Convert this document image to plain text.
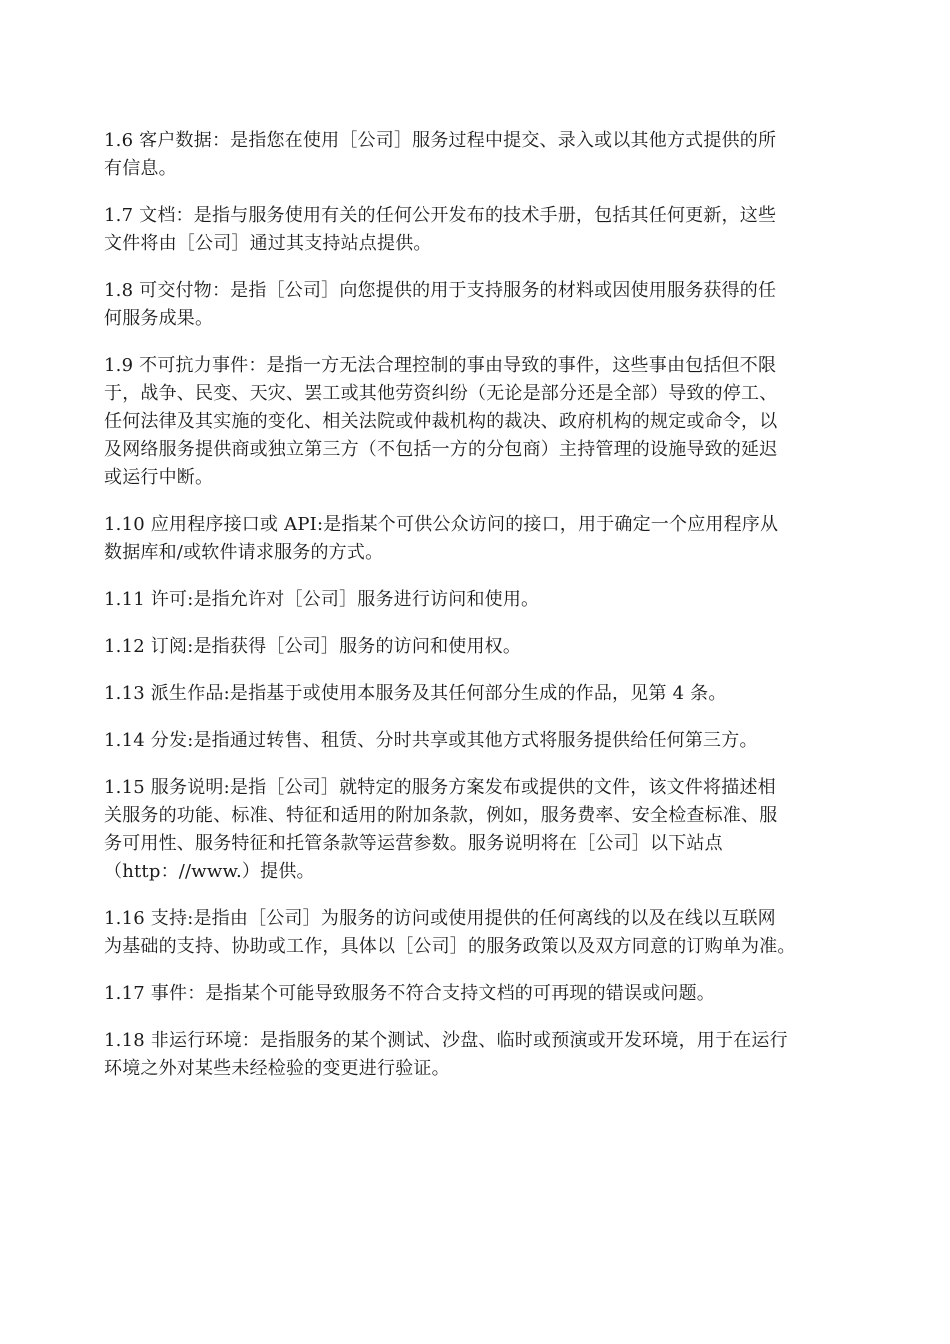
1.6 客户数据：是指您在使用［公司］服务过程中提交、录入或以其他方式提供的所
有信息。

1.7 文档：是指与服务使用有关的任何公开发布的技术手册，包括其任何更新，这些
文件将由［公司］通过其支持站点提供。

1.8 可交付物：是指［公司］向您提供的用于支持服务的材料或因使用服务获得的任
何服务成果。

1.9 不可抗力事件：是指一方无法合理控制的事由导致的事件，这些事由包括但不限
于，战争、民变、天灾、罢工或其他劳资纠纷（无论是部分还是全部）导致的停工、
任何法律及其实施的变化、相关法院或仲裁机构的裁决、政府机构的规定或命令，以
及网络服务提供商或独立第三方（不包括一方的分包商）主持管理的设施导致的延迟
或运行中断。

1.10 应用程序接口或 API:是指某个可供公众访问的接口，用于确定一个应用程序从
数据库和/或软件请求服务的方式。

1.11 许可:是指允许对［公司］服务进行访问和使用。

1.12 订阅:是指获得［公司］服务的访问和使用权。

1.13 派生作品:是指基于或使用本服务及其任何部分生成的作品，见第 4 条。

1.14 分发:是指通过转售、租赁、分时共享或其他方式将服务提供给任何第三方。

1.15 服务说明:是指［公司］就特定的服务方案发布或提供的文件，该文件将描述相
关服务的功能、标准、特征和适用的附加条款，例如，服务费率、安全检查标准、服
务可用性、服务特征和托管条款等运营参数。服务说明将在［公司］以下站点
（http：//www.）提供。

1.16 支持:是指由［公司］为服务的访问或使用提供的任何离线的以及在线以互联网
为基础的支持、协助或工作，具体以［公司］的服务政策以及双方同意的订购单为准。

1.17 事件：是指某个可能导致服务不符合支持文档的可再现的错误或问题。

1.18 非运行环境：是指服务的某个测试、沙盘、临时或预演或开发环境，用于在运行
环境之外对某些未经检验的变更进行验证。
